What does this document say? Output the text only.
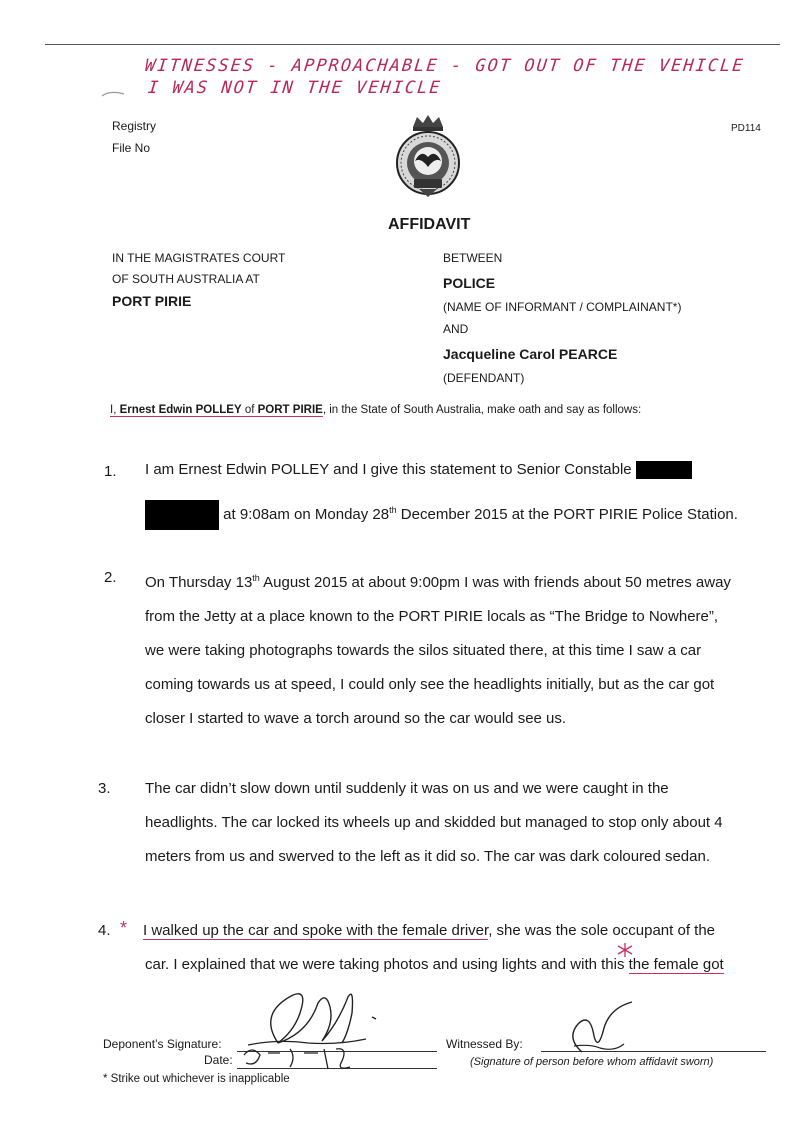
WITNESSES - APPROACHABLE - GOT OUT OF THE VEHICLE
I WAS NOT IN THE VEHICLE
Registry
File No
PD114
AFFIDAVIT
IN THE MAGISTRATES COURT
OF SOUTH AUSTRALIA AT
PORT PIRIE
BETWEEN
POLICE
(NAME OF INFORMANT / COMPLAINANT*)
AND
Jacqueline Carol PEARCE
(DEFENDANT)
I, Ernest Edwin POLLEY of PORT PIRIE, in the State of South Australia, make oath and say as follows:
1. I am Ernest Edwin POLLEY and I give this statement to Senior Constable
at 9:08am on Monday 28th December 2015 at the PORT PIRIE Police Station.
2. On Thursday 13th August 2015 at about 9:00pm I was with friends about 50 metres away
from the Jetty at a place known to the PORT PIRIE locals as “The Bridge to Nowhere”,
we were taking photographs towards the silos situated there, at this time I saw a car
coming towards us at speed, I could only see the headlights initially, but as the car got
closer I started to wave a torch around so the car would see us.
3. The car didn’t slow down until suddenly it was on us and we were caught in the
headlights. The car locked its wheels up and skidded but managed to stop only about 4
meters from us and swerved to the left as it did so. The car was dark coloured sedan.
4. * I walked up the car and spoke with the female driver, she was the sole occupant of the
car. I explained that we were taking photos and using lights and with this the female got
Deponent’s Signature:
Date:
Witnessed By:
(Signature of person before whom affidavit sworn)
* Strike out whichever is inapplicable
